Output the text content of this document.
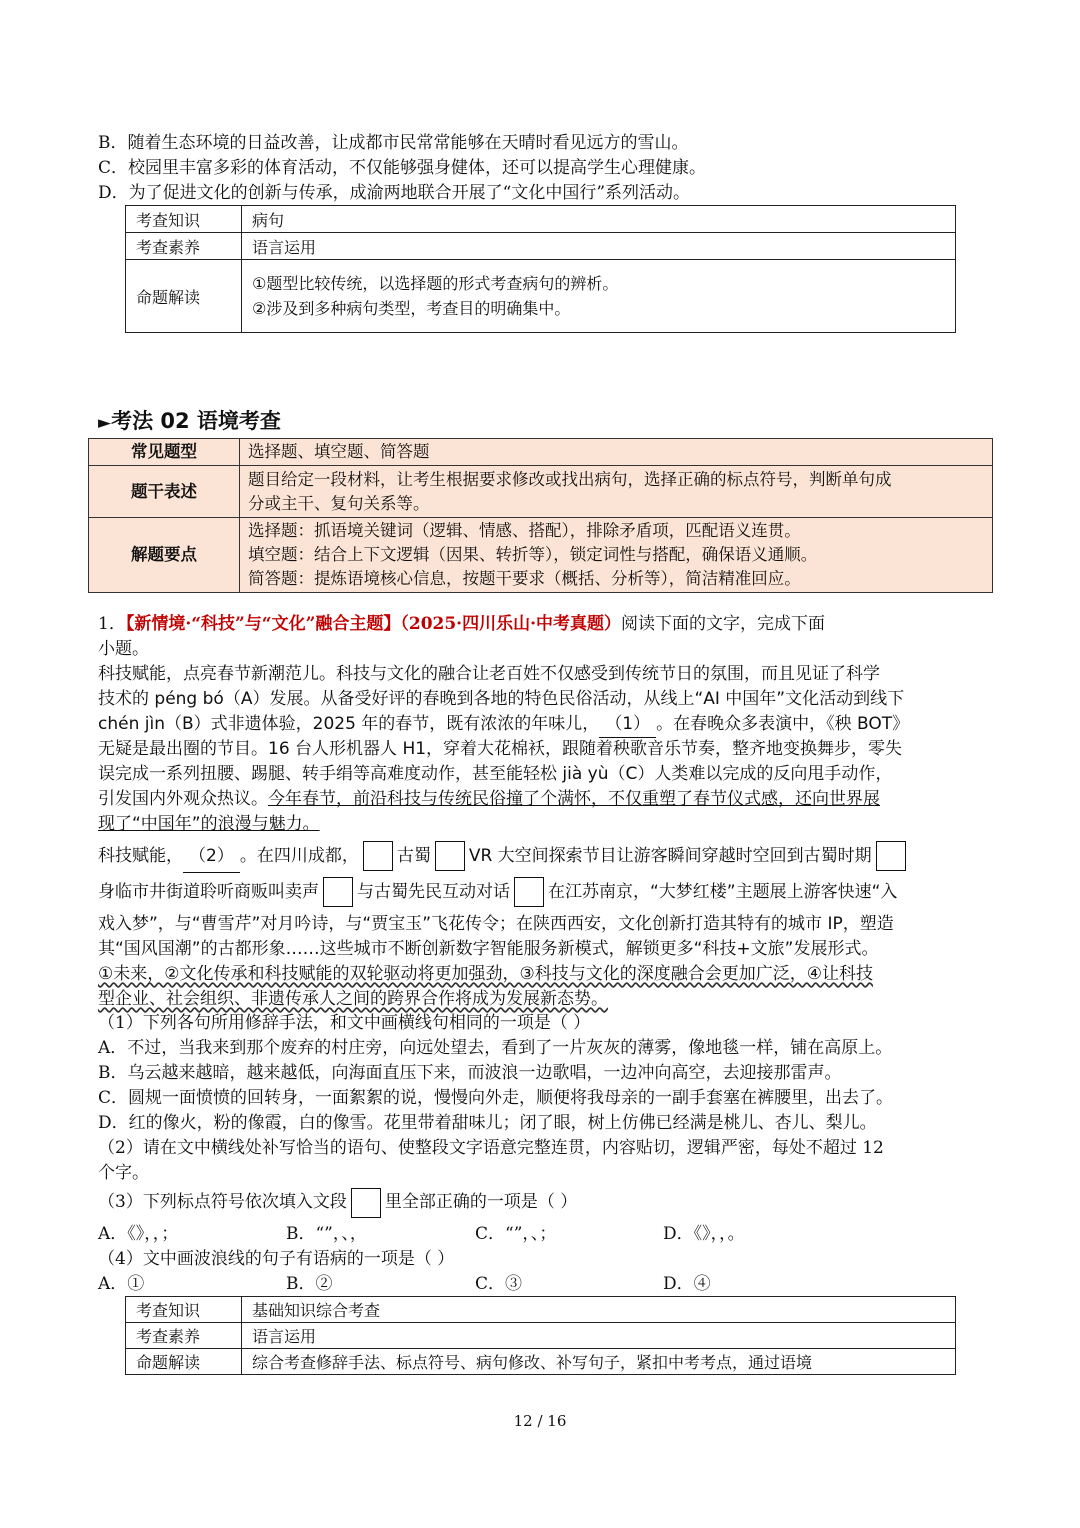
B．随着生态环境的日益改善，让成都市民常常能够在天晴时看见远方的雪山。
C．校园里丰富多彩的体育活动，不仅能够强身健体，还可以提高学生心理健康。
D．为了促进文化的创新与传承，成渝两地联合开展了“文化中国行”系列活动。
考查知识	病句
考查素养	语言运用
命题解读	①题型比较传统，以选择题的形式考查病句的辨析。
②涉及到多种病句类型，考查目的明确集中。
►考法 02 语境考查
常见题型	选择题、填空题、简答题
题干表述	题目给定一段材料，让考生根据要求修改或找出病句，选择正确的标点符号，判断单句成
分或主干、复句关系等。

解题要点	选择题：抓语境关键词（逻辑、情感、搭配），排除矛盾项，匹配语义连贯。
填空题：结合上下文逻辑（因果、转折等），锁定词性与搭配，确保语义通顺。
简答题：提炼语境核心信息，按题干要求（概括、分析等），简洁精准回应。
1．【新情境·“科技”与“文化”融合主题】（2025·四川乐山·中考真题）阅读下面的文字，完成下面
小题。
科技赋能，点亮春节新潮范儿。科技与文化的融合让老百姓不仅感受到传统节日的氛围，而且见证了科学
技术的 péng bó（A）发展。从备受好评的春晚到各地的特色民俗活动，从线上“AI 中国年”文化活动到线下
chén jìn（B）式非遗体验，2025 年的春节，既有浓浓的年味儿， （1） 。在春晚众多表演中，《秧 BOT》
无疑是最出圈的节目。16 台人形机器人 H1，穿着大花棉袄，跟随着秧歌音乐节奏，整齐地变换舞步，零失
误完成一系列扭腰、踢腿、转手绢等高难度动作，甚至能轻松 jià yù（C）人类难以完成的反向甩手动作，
引发国内外观众热议。今年春节，前沿科技与传统民俗撞了个满怀，不仅重塑了春节仪式感，还向世界展
现了“中国年”的浪漫与魅力。
科技赋能， （2） 。在四川成都， 古蜀 VR 大空间探索节目让游客瞬间穿越时空回到古蜀时期
身临市井街道聆听商贩叫卖声 与古蜀先民互动对话 在江苏南京，“大梦红楼”主题展上游客快速“入
戏入梦”，与“曹雪芹”对月吟诗，与“贾宝玉”飞花传令；在陕西西安，文化创新打造其特有的城市 IP，塑造
其“国风国潮”的古都形象……这些城市不断创新数字智能服务新模式，解锁更多“科技+文旅”发展形式。
①未来，②文化传承和科技赋能的双轮驱动将更加强劲，③科技与文化的深度融合会更加广泛，④让科技
型企业、社会组织、非遗传承人之间的跨界合作将成为发展新态势。
（1）下列各句所用修辞手法，和文中画横线句相同的一项是（ ）
A．不过，当我来到那个废弃的村庄旁，向远处望去，看到了一片灰灰的薄雾，像地毯一样，铺在高原上。
B．乌云越来越暗，越来越低，向海面直压下来，而波浪一边歌唱，一边冲向高空，去迎接那雷声。
C．圆规一面愤愤的回转身，一面絮絮的说，慢慢向外走，顺便将我母亲的一副手套塞在裤腰里，出去了。
D．红的像火，粉的像霞，白的像雪。花里带着甜味儿；闭了眼，树上仿佛已经满是桃儿、杏儿、梨儿。
（2）请在文中横线处补写恰当的语句、使整段文字语意完整连贯，内容贴切，逻辑严密，每处不超过 12
个字。
（3）下列标点符号依次填入文段 里全部正确的一项是（ ）
A．《》，，；	B．“”，、，	C．“”，、；	D．《》，，。
（4）文中画波浪线的句子有语病的一项是（ ）
A．①	B．②	C．③	D．④
考查知识	基础知识综合考查
考查素养	语言运用
命题解读	综合考查修辞手法、标点符号、病句修改、补写句子，紧扣中考考点，通过语境
12 / 16
